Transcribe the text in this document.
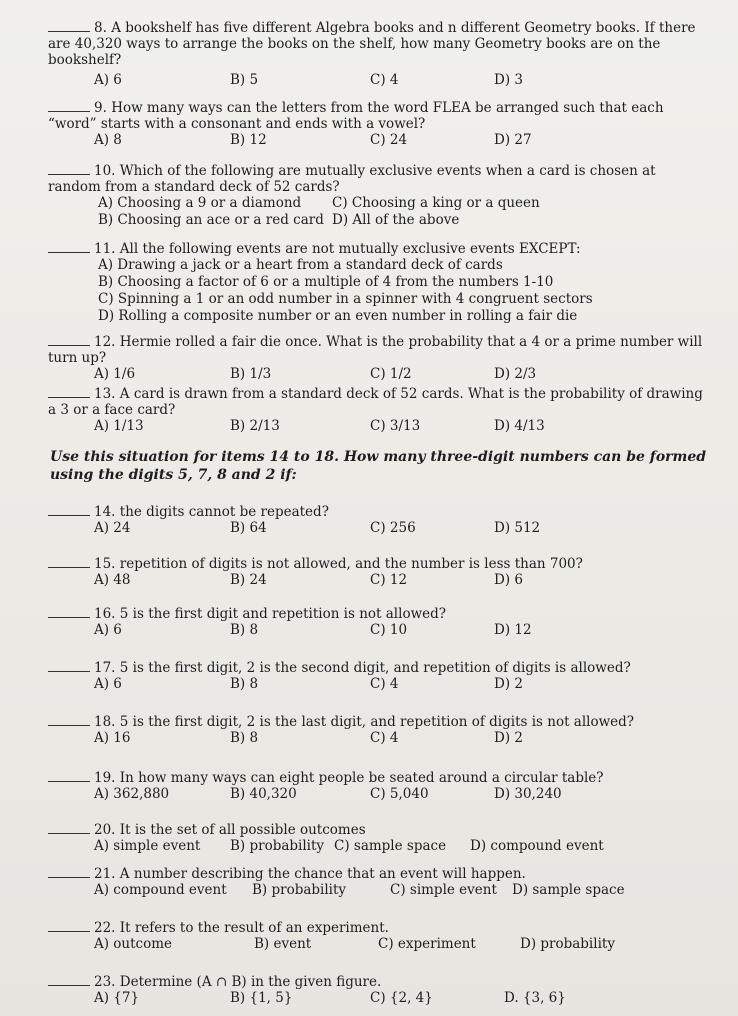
8. A bookshelf has five different Algebra books and n different Geometry books. If there are 40,320 ways to arrange the books on the shelf, how many Geometry books are on the bookshelf?
A) 6	B) 5	C) 4	D) 3
9. How many ways can the letters from the word FLEA be arranged such that each “word” starts with a consonant and ends with a vowel?
A) 8	B) 12	C) 24	D) 27
10. Which of the following are mutually exclusive events when a card is chosen at random from a standard deck of 52 cards?
A) Choosing a 9 or a diamond C) Choosing a king or a queen
B) Choosing an ace or a red card D) All of the above
11. All the following events are not mutually exclusive events EXCEPT:
A) Drawing a jack or a heart from a standard deck of cards
B) Choosing a factor of 6 or a multiple of 4 from the numbers 1-10
C) Spinning a 1 or an odd number in a spinner with 4 congruent sectors
D) Rolling a composite number or an even number in rolling a fair die
12. Hermie rolled a fair die once. What is the probability that a 4 or a prime number will turn up?
A) 1/6	B) 1/3	C) 1/2	D) 2/3
13. A card is drawn from a standard deck of 52 cards. What is the probability of drawing a 3 or a face card?
A) 1/13	B) 2/13	C) 3/13	D) 4/13
Use this situation for items 14 to 18. How many three-digit numbers can be formed using the digits 5, 7, 8 and 2 if:
14. the digits cannot be repeated?
A) 24	B) 64	C) 256	D) 512
15. repetition of digits is not allowed, and the number is less than 700?
A) 48	B) 24	C) 12	D) 6
16. 5 is the first digit and repetition is not allowed?
A) 6	B) 8	C) 10	D) 12
17. 5 is the first digit, 2 is the second digit, and repetition of digits is allowed?
A) 6	B) 8	C) 4	D) 2
18. 5 is the first digit, 2 is the last digit, and repetition of digits is not allowed?
A) 16	B) 8	C) 4	D) 2
19. In how many ways can eight people be seated around a circular table?
A) 362,880	B) 40,320	C) 5,040	D) 30,240
20. It is the set of all possible outcomes
A) simple event B) probability C) sample space D) compound event
21. A number describing the chance that an event will happen.
A) compound event B) probability	C) simple event D) sample space
22. It refers to the result of an experiment.
A) outcome	B) event	C) experiment	D) probability
23. Determine (A ∩ B) in the given figure.
A) {7}	B) {1, 5}	C) {2, 4}	D. {3, 6}
